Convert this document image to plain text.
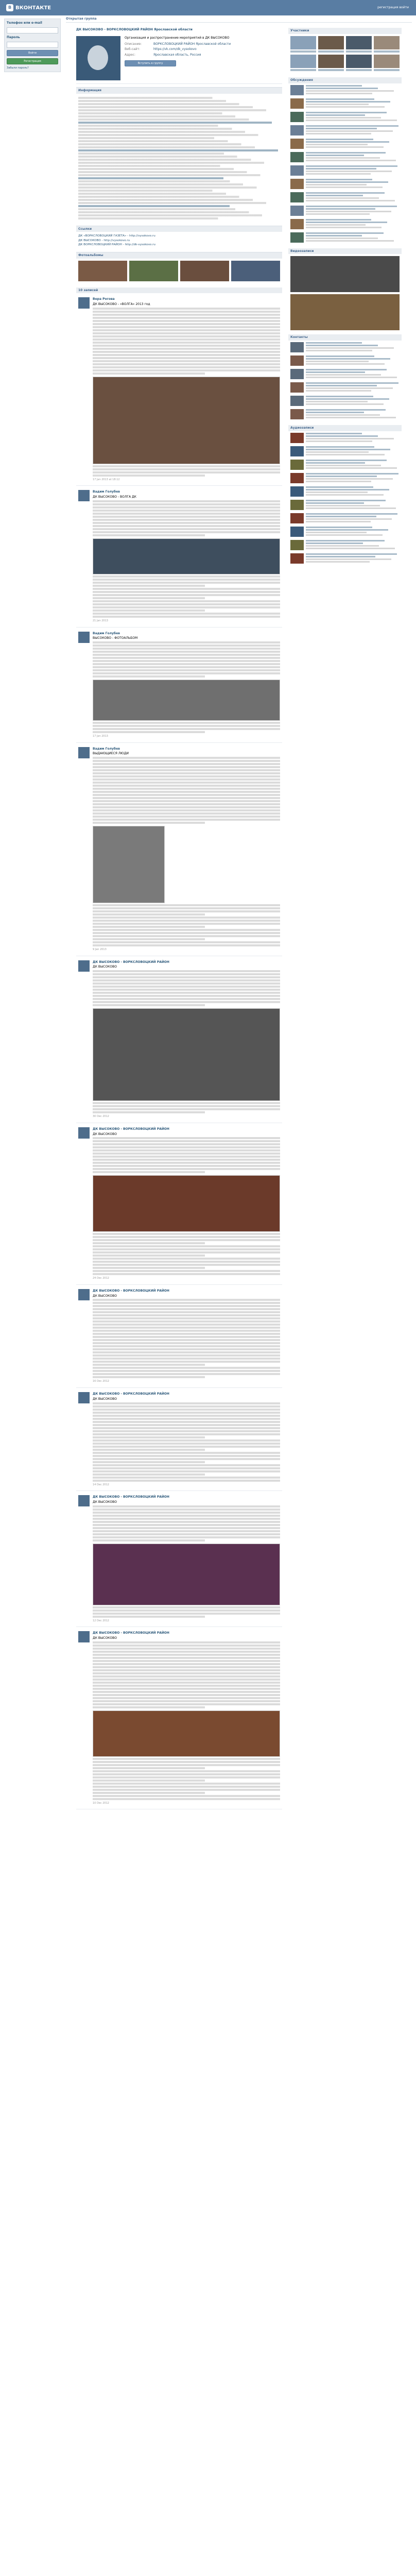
B ВКОНТАКТЕ	регистрация войти
Телефон или e-mail
Пароль
Войти
Регистрация
Забыли пароль?
Открытая группа
ДК ВЫСОКОВО - ВОРКСЛОВОЦКИЙ РАЙОН Ярославской области
Организация и распространение мероприятий в ДК ВЫСОКОВО
Описание:	ВОРКСЛОВОЦКИЙ РАЙОН Ярославской области
Веб-сайт:	https://vk.com/dk_vysokovo
Адрес:	Ярославская область, Россия
Вступить в группу
Информация
Ссылки
ДК «ВОРКСЛОВОЦКИЙ ГАЗЕТА» - http://vysokovo.ru
ДК ВЫСОКОВО - http://vysokovo.ru
ДК ВОРКСЛОВОЦКИЙ РАЙОН - http://dk-vysokovo.ru
Фотоальбомы
10 записей
Вера Рогова
ДК ВЫСОКОВО - «ВОЛГА» 2013 год
17 Jan 2013 at 18:12
Вадим Голубев
ДК ВЫСОКОВО - ВОЛГА ДК
21 Jan 2013
Вадим Голубев
ВЫСОКОВО - ФОТОАЛЬБОМ
17 Jan 2013
Вадим Голубев
ВЫДАЮЩИЕСЯ ЛЮДИ
9 Jan 2013
ДК ВЫСОКОВО - ВОРКСЛОВОЦКИЙ РАЙОН
ДК ВЫСОКОВО
30 Dec 2012
ДК ВЫСОКОВО - ВОРКСЛОВОЦКИЙ РАЙОН
ДК ВЫСОКОВО
24 Dec 2012
ДК ВЫСОКОВО - ВОРКСЛОВОЦКИЙ РАЙОН
ДК ВЫСОКОВО
16 Dec 2012
ДК ВЫСОКОВО - ВОРКСЛОВОЦКИЙ РАЙОН
ДК ВЫСОКОВО
14 Dec 2012
ДК ВЫСОКОВО - ВОРКСЛОВОЦКИЙ РАЙОН
ДК ВЫСОКОВО
12 Dec 2012
ДК ВЫСОКОВО - ВОРКСЛОВОЦКИЙ РАЙОН
ДК ВЫСОКОВО
10 Dec 2012
Участники
Обсуждения
Видеозаписи
Контакты
Аудиозаписи
